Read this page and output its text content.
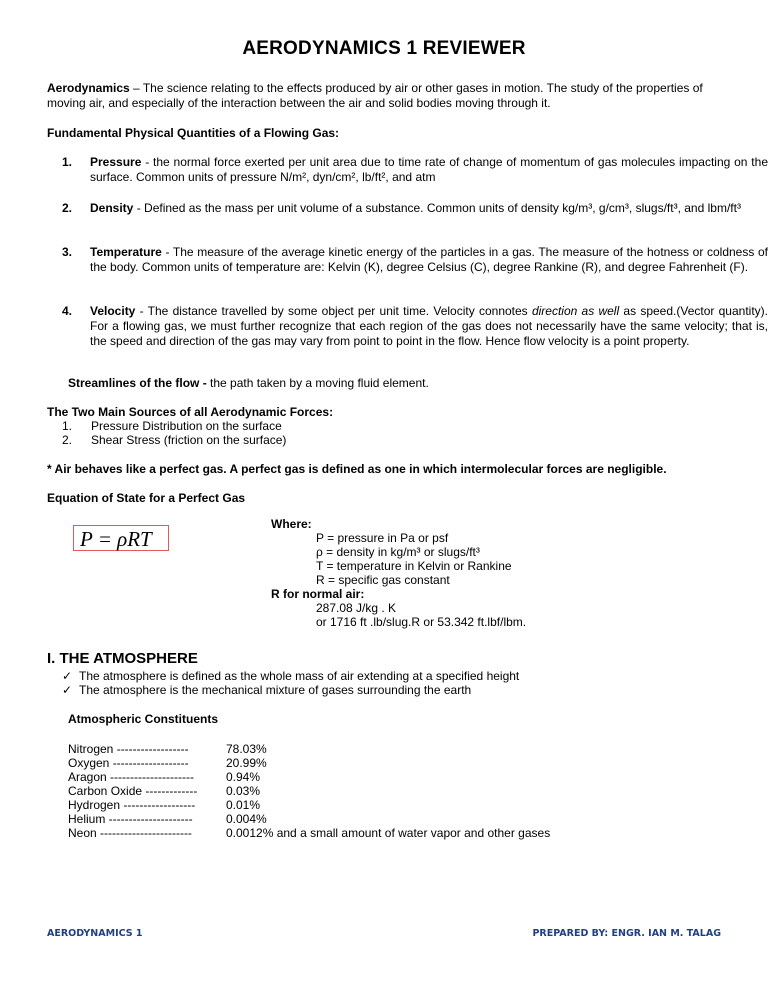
AERODYNAMICS 1 REVIEWER
Aerodynamics – The science relating to the effects produced by air or other gases in motion. The study of the properties of moving air, and especially of the interaction between the air and solid bodies moving through it.
Fundamental Physical Quantities of a Flowing Gas:
1. Pressure - the normal force exerted per unit area due to time rate of change of momentum of gas molecules impacting on the surface. Common units of pressure N/m², dyn/cm², lb/ft², and atm
2. Density - Defined as the mass per unit volume of a substance. Common units of density kg/m³, g/cm³, slugs/ft³, and lbm/ft³
3. Temperature - The measure of the average kinetic energy of the particles in a gas. The measure of the hotness or coldness of the body. Common units of temperature are: Kelvin (K), degree Celsius (C), degree Rankine (R), and degree Fahrenheit (F).
4. Velocity - The distance travelled by some object per unit time. Velocity connotes direction as well as speed.(Vector quantity). For a flowing gas, we must further recognize that each region of the gas does not necessarily have the same velocity; that is, the speed and direction of the gas may vary from point to point in the flow. Hence flow velocity is a point property.
Streamlines of the flow - the path taken by a moving fluid element.
The Two Main Sources of all Aerodynamic Forces:
1. Pressure Distribution on the surface
2. Shear Stress (friction on the surface)
* Air behaves like a perfect gas. A perfect gas is defined as one in which intermolecular forces are negligible.
Equation of State for a Perfect Gas
P = ρRT
Where:
P = pressure in Pa or psf
ρ = density in kg/m³ or slugs/ft³
T = temperature in Kelvin or Rankine
R = specific gas constant
R for normal air:
287.08 J/kg . K
or 1716 ft .lb/slug.R or 53.342 ft.lbf/lbm.
I. THE ATMOSPHERE
✓ The atmosphere is defined as the whole mass of air extending at a specified height
✓ The atmosphere is the mechanical mixture of gases surrounding the earth
Atmospheric Constituents
Nitrogen ------------------	78.03%
Oxygen -------------------	20.99%
Aragon ---------------------	0.94%
Carbon Oxide ------------- 0.03%
Hydrogen ------------------	0.01%
Helium ---------------------	0.004%
Neon -----------------------	0.0012% and a small amount of water vapor and other gases
AERODYNAMICS 1	PREPARED BY: ENGR. IAN M. TALAG
